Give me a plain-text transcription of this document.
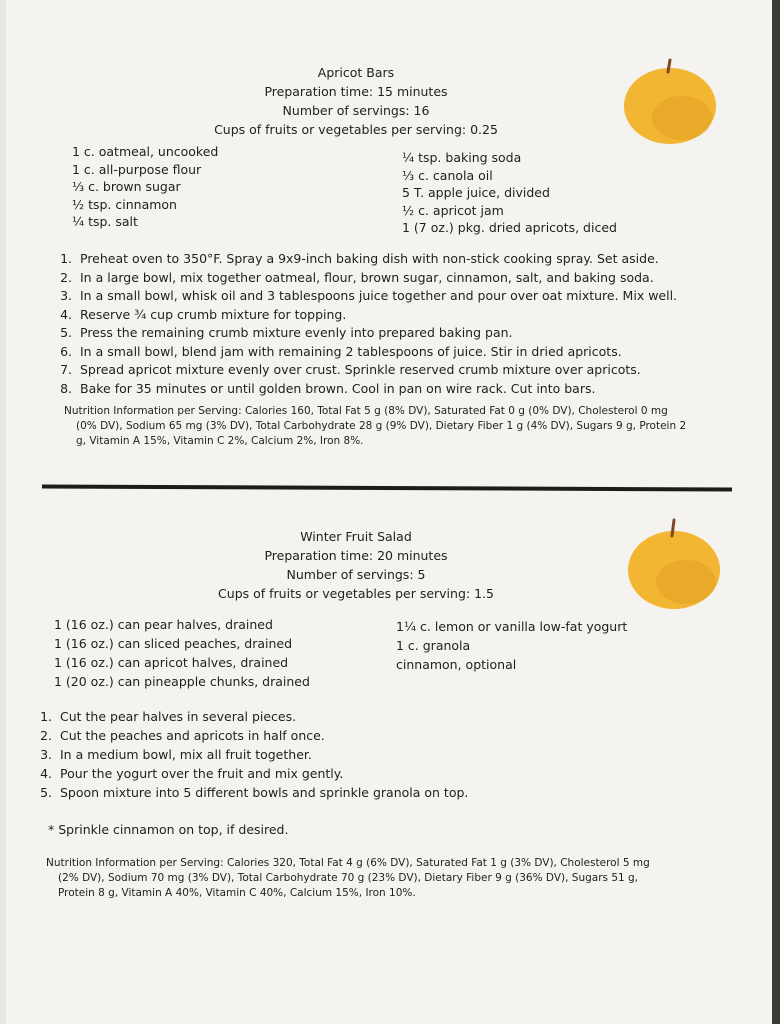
Apricot Bars
Preparation time: 15 minutes
Number of servings: 16
Cups of fruits or vegetables per serving: 0.25
1 c. oatmeal, uncooked
1 c. all-purpose flour
⅓ c. brown sugar
½ tsp. cinnamon
¼ tsp. salt
¼ tsp. baking soda
⅓ c. canola oil
5 T. apple juice, divided
½ c. apricot jam
1 (7 oz.) pkg. dried apricots, diced
1. Preheat oven to 350°F. Spray a 9x9-inch baking dish with non-stick cooking spray. Set aside.
2. In a large bowl, mix together oatmeal, flour, brown sugar, cinnamon, salt, and baking soda.
3. In a small bowl, whisk oil and 3 tablespoons juice together and pour over oat mixture. Mix well.
4. Reserve ¾ cup crumb mixture for topping.
5. Press the remaining crumb mixture evenly into prepared baking pan.
6. In a small bowl, blend jam with remaining 2 tablespoons of juice. Stir in dried apricots.
7. Spread apricot mixture evenly over crust. Sprinkle reserved crumb mixture over apricots.
8. Bake for 35 minutes or until golden brown. Cool in pan on wire rack. Cut into bars.
Nutrition Information per Serving: Calories 160, Total Fat 5 g (8% DV), Saturated Fat 0 g (0% DV), Cholesterol 0 mg
(0% DV), Sodium 65 mg (3% DV), Total Carbohydrate 28 g (9% DV), Dietary Fiber 1 g (4% DV), Sugars 9 g, Protein 2
g, Vitamin A 15%, Vitamin C 2%, Calcium 2%, Iron 8%.
Winter Fruit Salad
Preparation time: 20 minutes
Number of servings: 5
Cups of fruits or vegetables per serving: 1.5
1 (16 oz.) can pear halves, drained
1 (16 oz.) can sliced peaches, drained
1 (16 oz.) can apricot halves, drained
1 (20 oz.) can pineapple chunks, drained
1¼ c. lemon or vanilla low-fat yogurt
1 c. granola
cinnamon, optional
1. Cut the pear halves in several pieces.
2. Cut the peaches and apricots in half once.
3. In a medium bowl, mix all fruit together.
4. Pour the yogurt over the fruit and mix gently.
5. Spoon mixture into 5 different bowls and sprinkle granola on top.
* Sprinkle cinnamon on top, if desired.
Nutrition Information per Serving: Calories 320, Total Fat 4 g (6% DV), Saturated Fat 1 g (3% DV), Cholesterol 5 mg
(2% DV), Sodium 70 mg (3% DV), Total Carbohydrate 70 g (23% DV), Dietary Fiber 9 g (36% DV), Sugars 51 g,
Protein 8 g, Vitamin A 40%, Vitamin C 40%, Calcium 15%, Iron 10%.
